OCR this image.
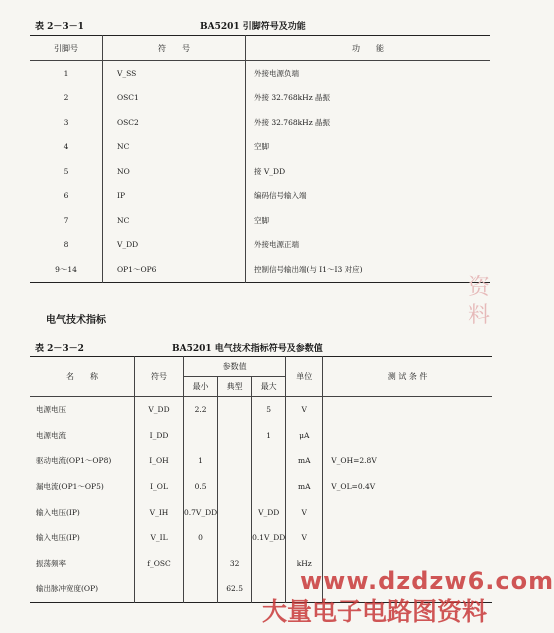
表 2－3－1	BA5201 引脚符号及功能
引脚号	符　　号	功　　能
1	V_SS	外接电源负端
2	OSC1	外接 32.768kHz 晶振
3	OSC2	外接 32.768kHz 晶振
4	NC	空脚
5	NO	接 V_DD
6	IP	编码信号输入端
7	NC	空脚
8	V_DD	外接电源正端
9～14	OP1～OP6	控制信号输出端(与 I1～I3 对应)
电气技术指标
表 2－3－2	BA5201 电气技术指标符号及参数值
名　　称	符号	参数值			单位	测 试 条 件
		最小	典型	最大		
电源电压	V_DD	2.2		5	V	
电源电流	I_DD			1	μA	
驱动电流(OP1～OP8)	I_OH	1			mA	V_OH=2.8V
漏电流(OP1～OP5)	I_OL	0.5			mA	V_OL=0.4V
输入电压(IP)	V_IH	0.7V_DD		V_DD	V	
输入电压(IP)	V_IL	0		0.1V_DD	V	
振荡频率	f_OSC		32		kHz	
输出脉冲宽度(OP)			62.5			www.dzdzw6.com
大量电子电路图资料
资料
